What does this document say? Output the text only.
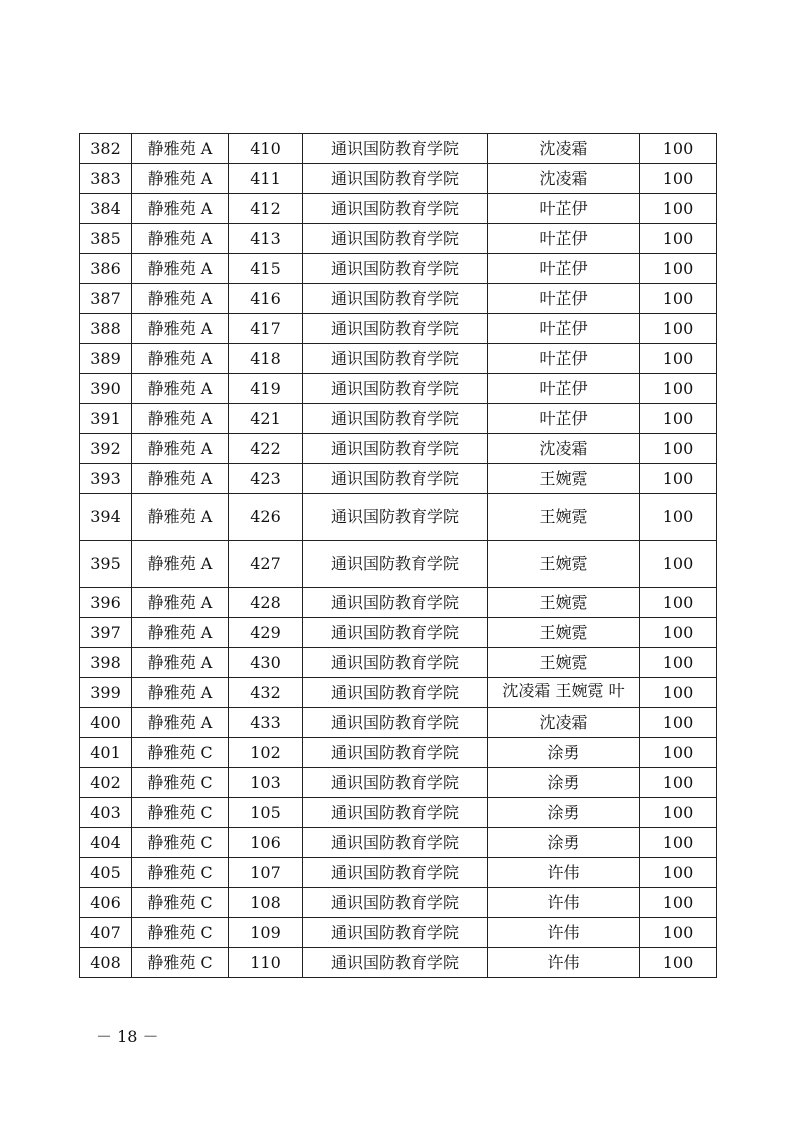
382	静雅苑 A	410	通识国防教育学院	沈凌霜	100
383	静雅苑 A	411	通识国防教育学院	沈凌霜	100
384	静雅苑 A	412	通识国防教育学院	叶芷伊	100
385	静雅苑 A	413	通识国防教育学院	叶芷伊	100
386	静雅苑 A	415	通识国防教育学院	叶芷伊	100
387	静雅苑 A	416	通识国防教育学院	叶芷伊	100
388	静雅苑 A	417	通识国防教育学院	叶芷伊	100
389	静雅苑 A	418	通识国防教育学院	叶芷伊	100
390	静雅苑 A	419	通识国防教育学院	叶芷伊	100
391	静雅苑 A	421	通识国防教育学院	叶芷伊	100
392	静雅苑 A	422	通识国防教育学院	沈凌霜	100
393	静雅苑 A	423	通识国防教育学院	王婉霓	100
394	静雅苑 A	426	通识国防教育学院	王婉霓	100
395	静雅苑 A	427	通识国防教育学院	王婉霓	100
396	静雅苑 A	428	通识国防教育学院	王婉霓	100
397	静雅苑 A	429	通识国防教育学院	王婉霓	100
398	静雅苑 A	430	通识国防教育学院	王婉霓	100
399	静雅苑 A	432	通识国防教育学院	沈凌霜 王婉霓 叶	100
400	静雅苑 A	433	通识国防教育学院	沈凌霜	100
401	静雅苑 C	102	通识国防教育学院	涂勇	100
402	静雅苑 C	103	通识国防教育学院	涂勇	100
403	静雅苑 C	105	通识国防教育学院	涂勇	100
404	静雅苑 C	106	通识国防教育学院	涂勇	100
405	静雅苑 C	107	通识国防教育学院	许伟	100
406	静雅苑 C	108	通识国防教育学院	许伟	100
407	静雅苑 C	109	通识国防教育学院	许伟	100
408	静雅苑 C	110	通识国防教育学院	许伟	100
－ 18 －
